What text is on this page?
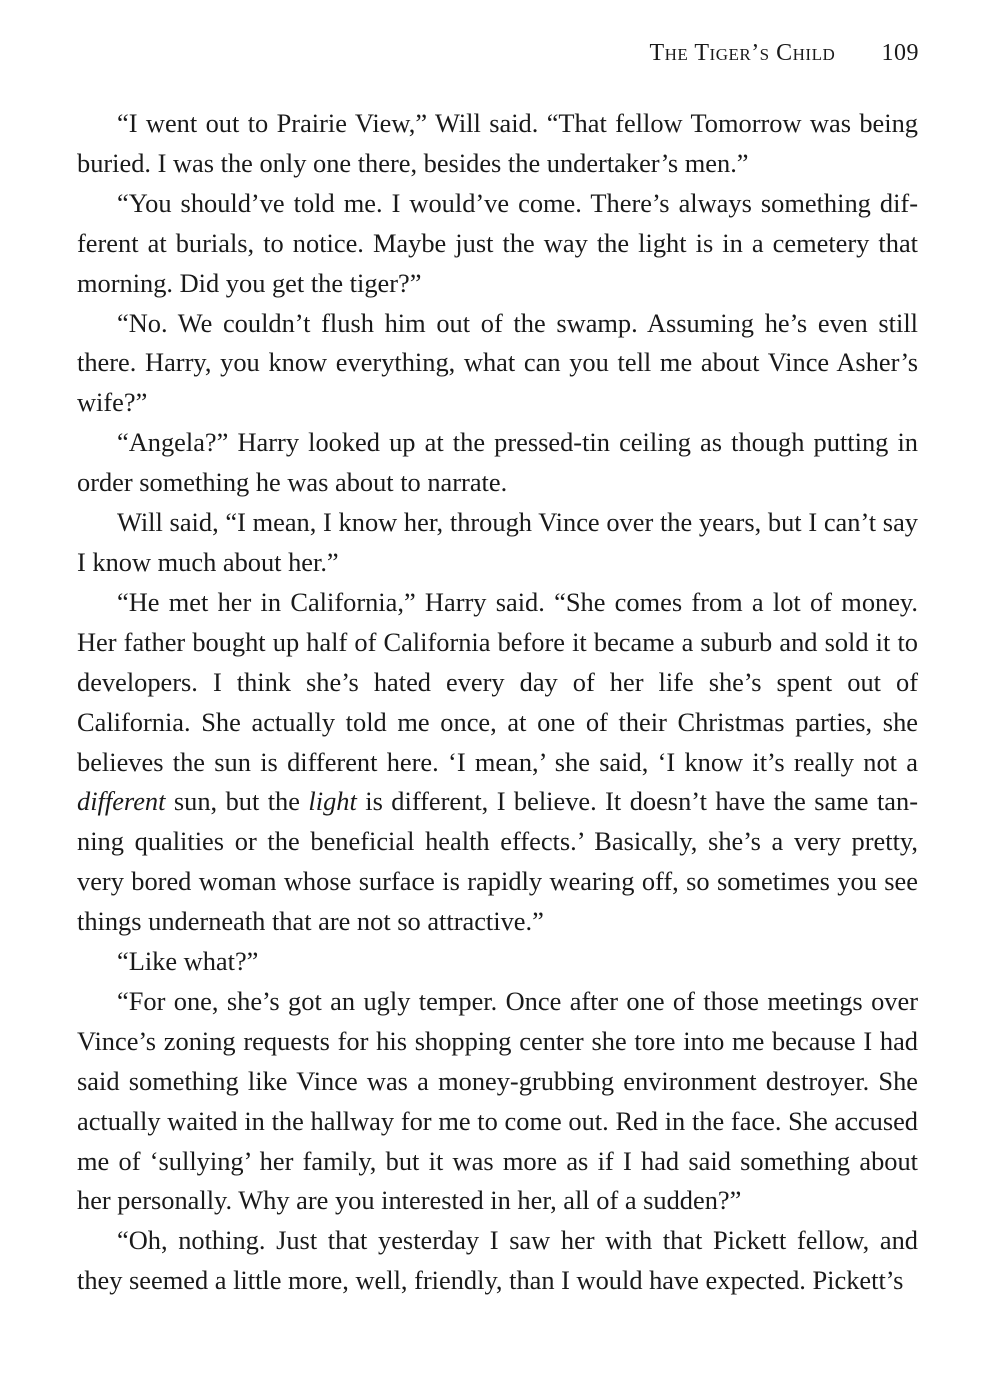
The Tiger’s Child 109

“I went out to Prairie View,” Will said. “That fellow Tomorrow was being buried. I was the only one there, besides the undertaker’s men.”

“You should’ve told me. I would’ve come. There’s always something different at burials, to notice. Maybe just the way the light is in a cemetery that morning. Did you get the tiger?”

“No. We couldn’t flush him out of the swamp. Assuming he’s even still there. Harry, you know everything, what can you tell me about Vince Asher’s wife?”

“Angela?” Harry looked up at the pressed-tin ceiling as though putting in order something he was about to narrate.

Will said, “I mean, I know her, through Vince over the years, but I can’t say I know much about her.”

“He met her in California,” Harry said. “She comes from a lot of money. Her father bought up half of California before it became a suburb and sold it to developers. I think she’s hated every day of her life she’s spent out of California. She actually told me once, at one of their Christmas parties, she believes the sun is different here. ‘I mean,’ she said, ‘I know it’s really not a different sun, but the light is different, I believe. It doesn’t have the same tanning qualities or the beneficial health effects.’ Basically, she’s a very pretty, very bored woman whose surface is rapidly wearing off, so sometimes you see things underneath that are not so attractive.”

“Like what?”

“For one, she’s got an ugly temper. Once after one of those meetings over Vince’s zoning requests for his shopping center she tore into me because I had said something like Vince was a money-grubbing environment destroyer. She actually waited in the hallway for me to come out. Red in the face. She accused me of ‘sullying’ her family, but it was more as if I had said something about her personally. Why are you interested in her, all of a sudden?”

“Oh, nothing. Just that yesterday I saw her with that Pickett fellow, and they seemed a little more, well, friendly, than I would have expected. Pickett’s
